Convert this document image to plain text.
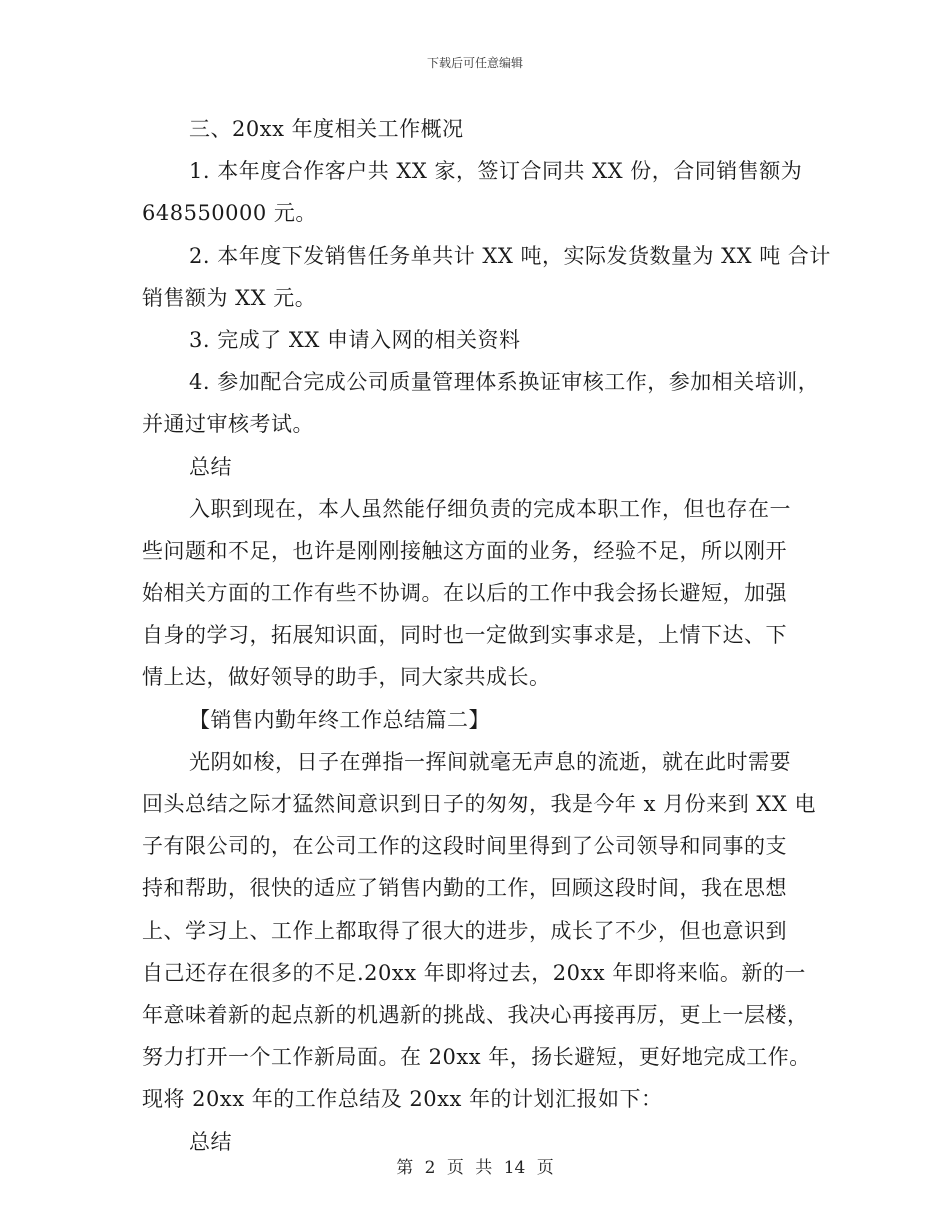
下载后可任意编辑
三、20xx 年度相关工作概况
1. 本年度合作客户共 XX 家，签订合同共 XX 份，合同销售额为
648550000 元。
2. 本年度下发销售任务单共计 XX 吨，实际发货数量为 XX 吨 合计
销售额为 XX 元。
3. 完成了 XX 申请入网的相关资料
4. 参加配合完成公司质量管理体系换证审核工作，参加相关培训，
并通过审核考试。
总结
入职到现在，本人虽然能仔细负责的完成本职工作，但也存在一
些问题和不足，也许是刚刚接触这方面的业务，经验不足，所以刚开
始相关方面的工作有些不协调。在以后的工作中我会扬长避短，加强
自身的学习，拓展知识面，同时也一定做到实事求是，上情下达、下
情上达，做好领导的助手，同大家共成长。
【销售内勤年终工作总结篇二】
光阴如梭，日子在弹指一挥间就毫无声息的流逝，就在此时需要
回头总结之际才猛然间意识到日子的匆匆，我是今年 x 月份来到 XX 电
子有限公司的，在公司工作的这段时间里得到了公司领导和同事的支
持和帮助，很快的适应了销售内勤的工作，回顾这段时间，我在思想
上、学习上、工作上都取得了很大的进步，成长了不少，但也意识到
自己还存在很多的不足.20xx 年即将过去，20xx 年即将来临。新的一
年意味着新的起点新的机遇新的挑战、我决心再接再厉，更上一层楼，
努力打开一个工作新局面。在 20xx 年，扬长避短，更好地完成工作。
现将 20xx 年的工作总结及 20xx 年的计划汇报如下：
总结
第 2 页 共 14 页
